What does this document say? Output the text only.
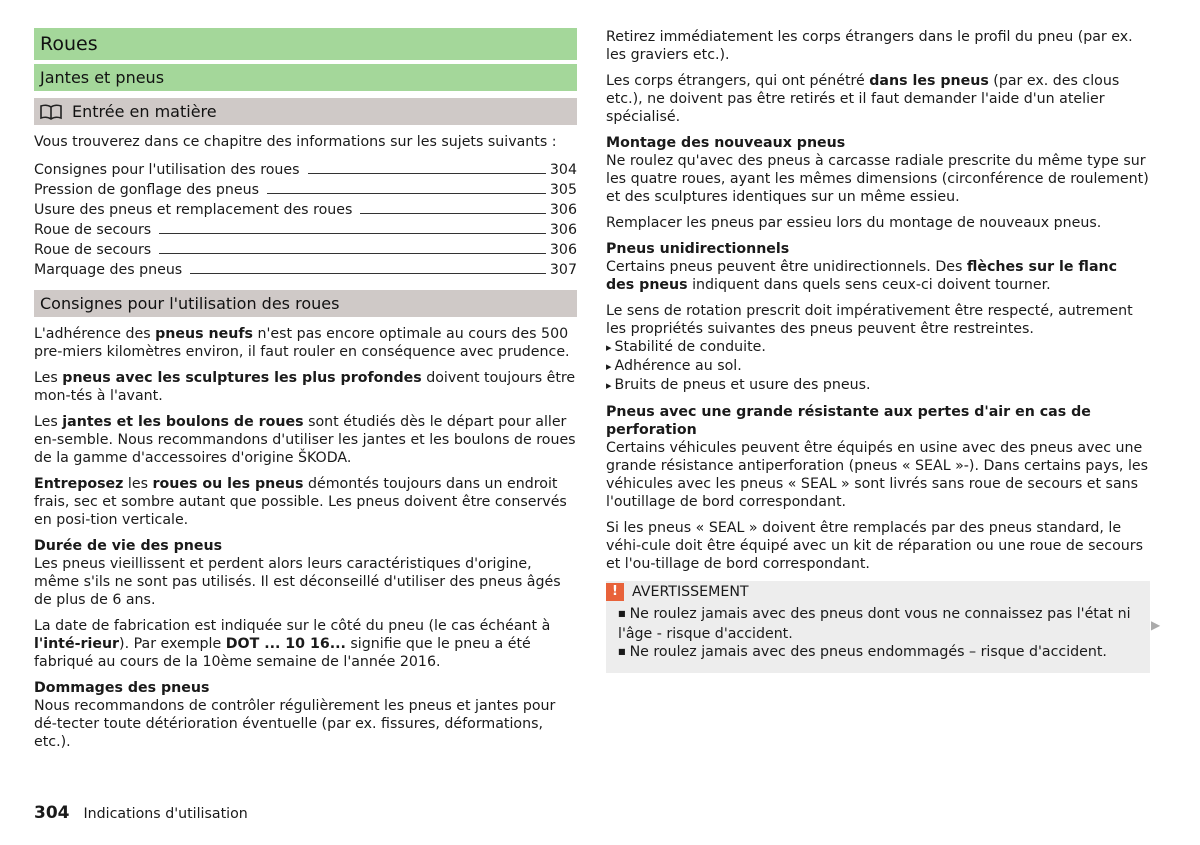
Roues
Jantes et pneus
Entrée en matière

Vous trouverez dans ce chapitre des informations sur les sujets suivants :

Consignes pour l'utilisation des roues	304
Pression de gonflage des pneus	305
Usure des pneus et remplacement des roues	306
Roue de secours	306
Roue de secours	306
Marquage des pneus	307
Consignes pour l'utilisation des roues

L'adhérence des pneus neufs n'est pas encore optimale au cours des 500 pre-miers kilomètres environ, il faut rouler en conséquence avec prudence.

Les pneus avec les sculptures les plus profondes doivent toujours être mon-tés à l'avant.

Les jantes et les boulons de roues sont étudiés dès le départ pour aller en-semble. Nous recommandons d'utiliser les jantes et les boulons de roues de la gamme d'accessoires d'origine ŠKODA.

Entreposez les roues ou les pneus démontés toujours dans un endroit frais, sec et sombre autant que possible. Les pneus doivent être conservés en posi-tion verticale.

Durée de vie des pneus
Les pneus vieillissent et perdent alors leurs caractéristiques d'origine, même s'ils ne sont pas utilisés. Il est déconseillé d'utiliser des pneus âgés de plus de 6 ans.

La date de fabrication est indiquée sur le côté du pneu (le cas échéant à l'inté-rieur). Par exemple DOT ... 10 16... signifie que le pneu a été fabriqué au cours de la 10ème semaine de l'année 2016.

Dommages des pneus
Nous recommandons de contrôler régulièrement les pneus et jantes pour dé-tecter toute détérioration éventuelle (par ex. fissures, déformations, etc.).

Retirez immédiatement les corps étrangers dans le profil du pneu (par ex. les graviers etc.).

Les corps étrangers, qui ont pénétré dans les pneus (par ex. des clous etc.), ne doivent pas être retirés et il faut demander l'aide d'un atelier spécialisé.

Montage des nouveaux pneus
Ne roulez qu'avec des pneus à carcasse radiale prescrite du même type sur les quatre roues, ayant les mêmes dimensions (circonférence de roulement) et des sculptures identiques sur un même essieu.

Remplacer les pneus par essieu lors du montage de nouveaux pneus.

Pneus unidirectionnels
Certains pneus peuvent être unidirectionnels. Des flèches sur le flanc des pneus indiquent dans quels sens ceux-ci doivent tourner.

Le sens de rotation prescrit doit impérativement être respecté, autrement les propriétés suivantes des pneus peuvent être restreintes.

▸ Stabilité de conduite.
▸ Adhérence au sol.
▸ Bruits de pneus et usure des pneus.

Pneus avec une grande résistante aux pertes d'air en cas de perforation
Certains véhicules peuvent être équipés en usine avec des pneus avec une grande résistance antiperforation (pneus « SEAL »-). Dans certains pays, les véhicules avec les pneus « SEAL » sont livrés sans roue de secours et sans l'outillage de bord correspondant.

Si les pneus « SEAL » doivent être remplacés par des pneus standard, le véhi-cule doit être équipé avec un kit de réparation ou une roue de secours et l'ou-tillage de bord correspondant.

! AVERTISSEMENT
■ Ne roulez jamais avec des pneus dont vous ne connaissez pas l'état ni l'âge - risque d'accident.
■ Ne roulez jamais avec des pneus endommagés – risque d'accident.
▶
304 Indications d'utilisation
